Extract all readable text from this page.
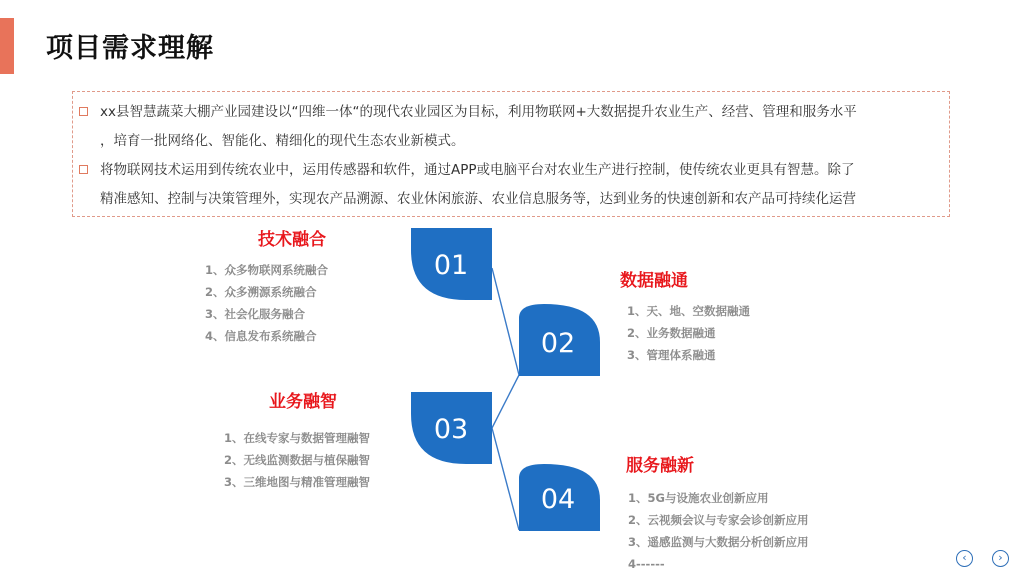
项目需求理解
xx县智慧蔬菜大棚产业园建设以“四维一体“的现代农业园区为目标，利用物联网+大数据提升农业生产、经营、管理和服务水平
，培育一批网络化、智能化、精细化的现代生态农业新模式。
将物联网技术运用到传统农业中，运用传感器和软件，通过APP或电脑平台对农业生产进行控制，使传统农业更具有智慧。除了
精准感知、控制与决策管理外，实现农产品溯源、农业休闲旅游、农业信息服务等，达到业务的快速创新和农产品可持续化运营
01
02
03
04
技术融合
1、众多物联网系统融合
2、众多溯源系统融合
3、社会化服务融合
4、信息发布系统融合
数据融通
1、天、地、空数据融通
2、业务数据融通
3、管理体系融通
业务融智
1、在线专家与数据管理融智
2、无线监测数据与植保融智
3、三维地图与精准管理融智
服务融新
1、5G与设施农业创新应用
2、云视频会议与专家会诊创新应用
3、遥感监测与大数据分析创新应用
4------	‹	›
